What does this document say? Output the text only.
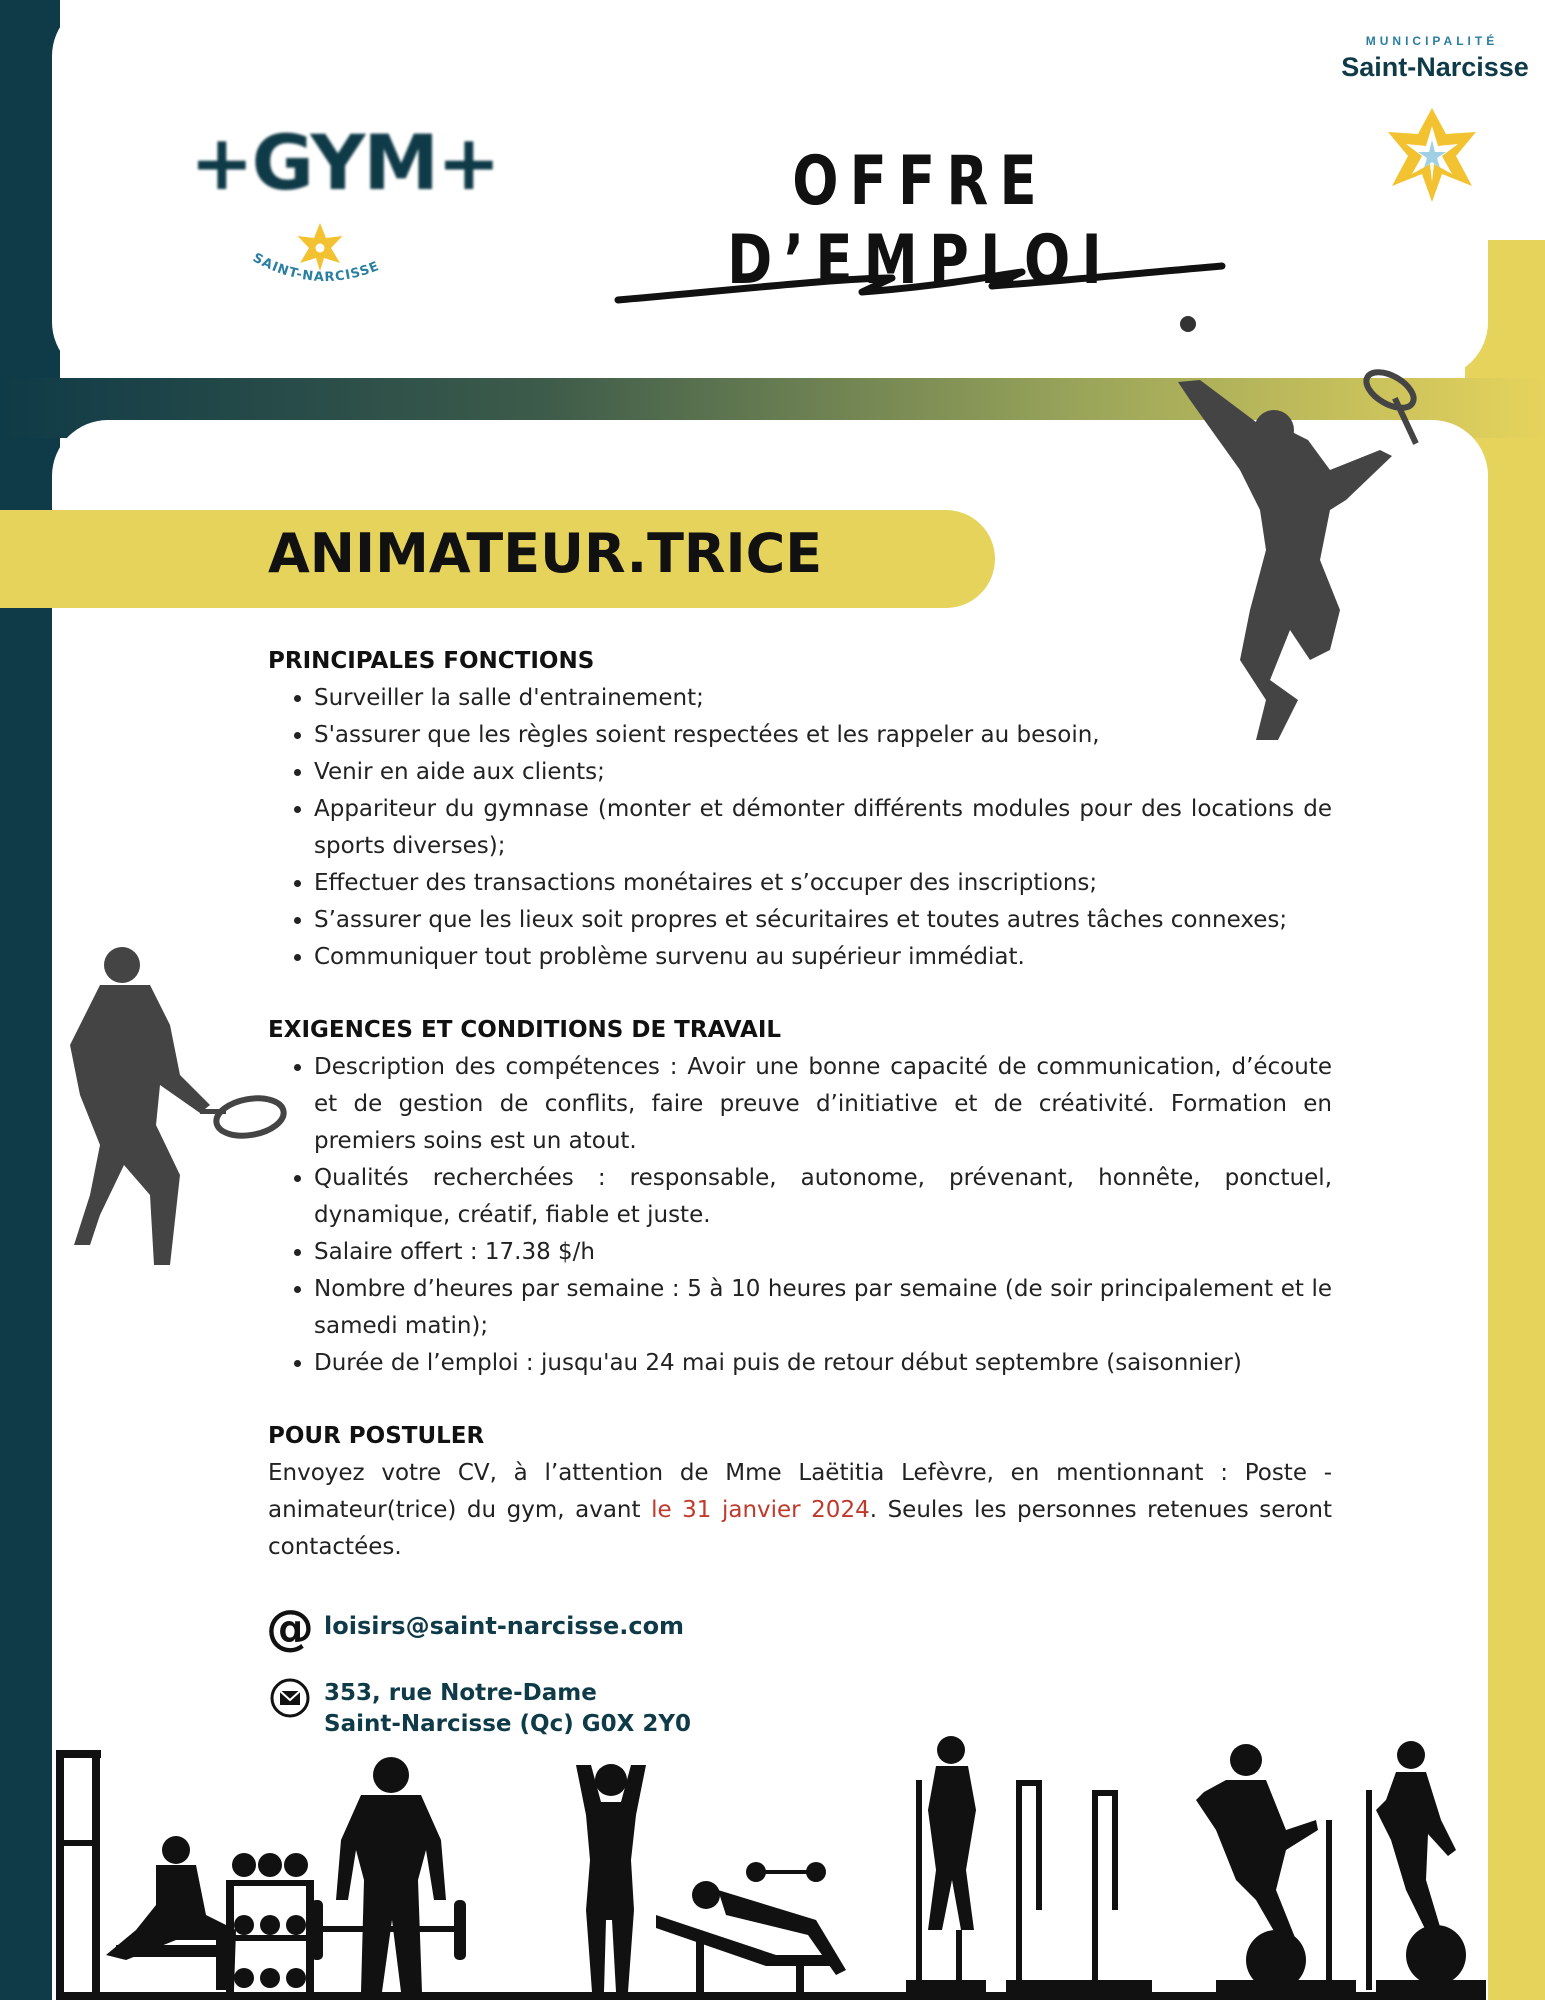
+GYM+
SAINT-NARCISSE
OFFRE D’EMPLOI
MUNICIPALITÉ
Saint-Narcisse
ANIMATEUR.TRICE

PRINCIPALES FONCTIONS

• Surveiller la salle d'entrainement;
• S'assurer que les règles soient respectées et les rappeler au besoin,
• Venir en aide aux clients;
• Appariteur du gymnase (monter et démonter différents modules pour des locations de sports diverses);
• Effectuer des transactions monétaires et s’occuper des inscriptions;
• S’assurer que les lieux soit propres et sécuritaires et toutes autres tâches connexes;
• Communiquer tout problème survenu au supérieur immédiat.

EXIGENCES ET CONDITIONS DE TRAVAIL

• Description des compétences : Avoir une bonne capacité de communication, d’écoute et de gestion de conflits, faire preuve d’initiative et de créativité. Formation en premiers soins est un atout.
• Qualités recherchées : responsable, autonome, prévenant, honnête, ponctuel, dynamique, créatif, fiable et juste.
• Salaire offert : 17.38 $/h
• Nombre d’heures par semaine : 5 à 10 heures par semaine (de soir principalement et le samedi matin);
• Durée de l’emploi : jusqu'au 24 mai puis de retour début septembre (saisonnier)

POUR POSTULER

Envoyez votre CV, à l’attention de Mme Laëtitia Lefèvre, en mentionnant : Poste - animateur(trice) du gym, avant le 31 janvier 2024. Seules les personnes retenues seront contactées.

@ loisirs@saint-narcisse.com
353, rue Notre-Dame
Saint-Narcisse (Qc) G0X 2Y0
